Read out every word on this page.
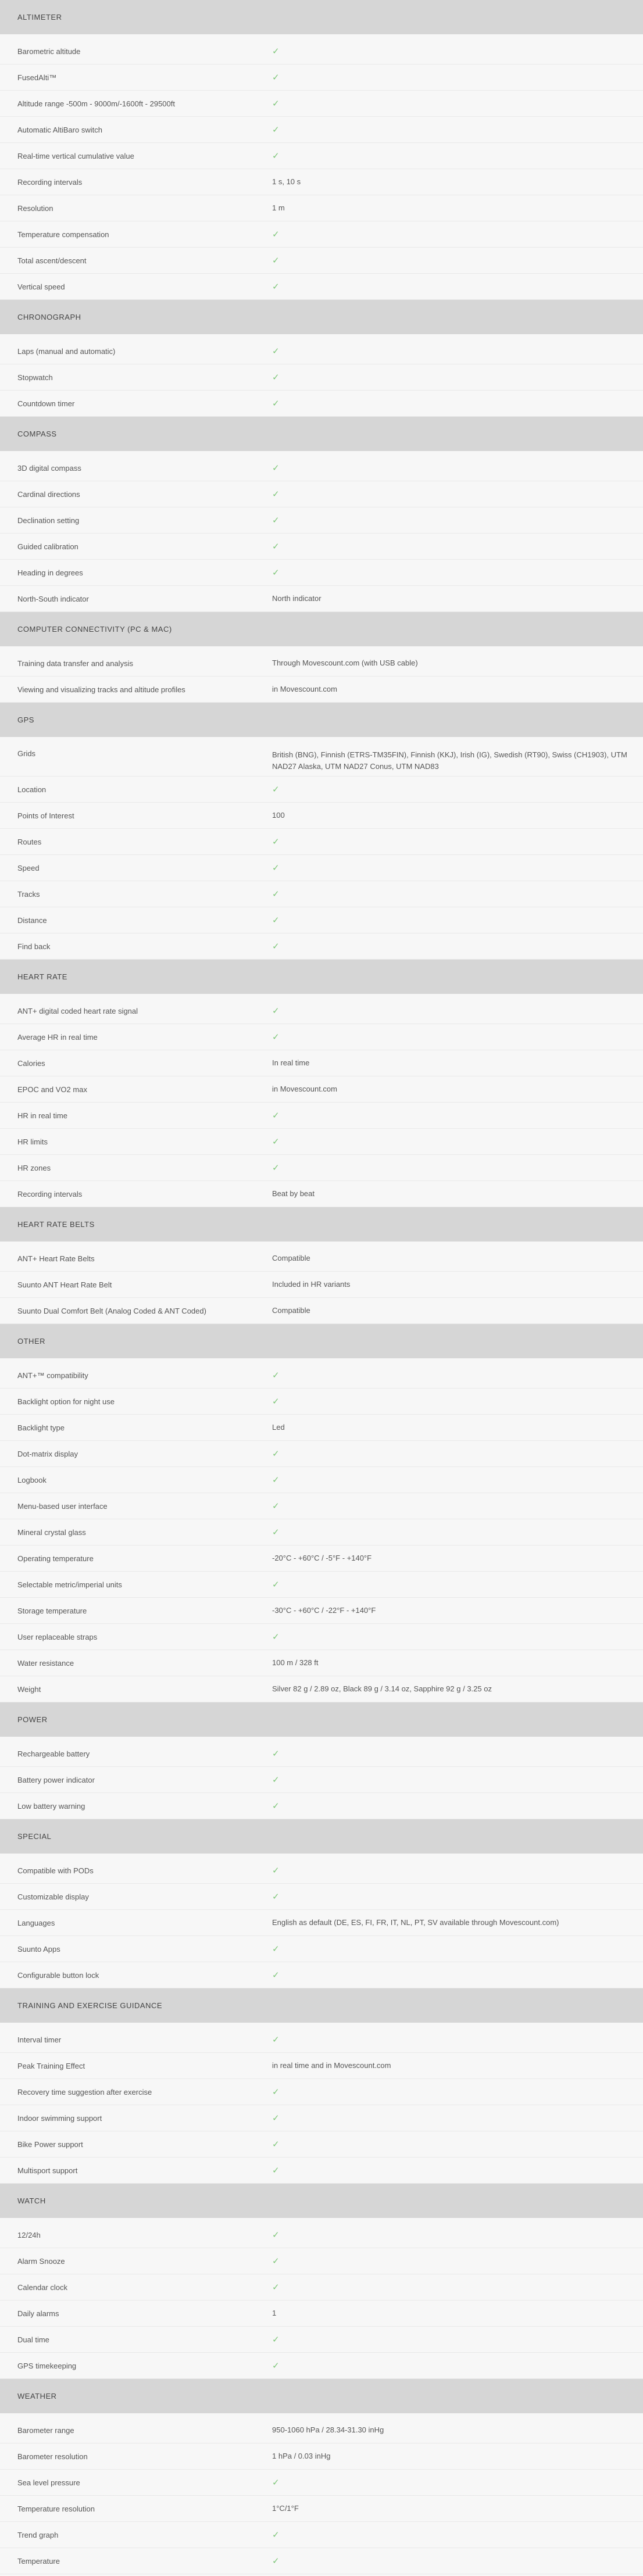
ALTIMETER
Barometric altitude	✓
FusedAlti™	✓
Altitude range -500m - 9000m/-1600ft - 29500ft	✓
Automatic AltiBaro switch	✓
Real-time vertical cumulative value	✓
Recording intervals	1 s, 10 s
Resolution	1 m
Temperature compensation	✓
Total ascent/descent	✓
Vertical speed	✓
CHRONOGRAPH
Laps (manual and automatic)	✓
Stopwatch	✓
Countdown timer	✓
COMPASS
3D digital compass	✓
Cardinal directions	✓
Declination setting	✓
Guided calibration	✓
Heading in degrees	✓
North-South indicator	North indicator
COMPUTER CONNECTIVITY (PC & MAC)
Training data transfer and analysis	Through Movescount.com (with USB cable)
Viewing and visualizing tracks and altitude profiles	in Movescount.com
GPS
Grids	British (BNG), Finnish (ETRS-TM35FIN), Finnish (KKJ), Irish (IG), Swedish (RT90), Swiss (CH1903), UTM NAD27 Alaska, UTM NAD27 Conus, UTM NAD83
Location	✓
Points of Interest	100
Routes	✓
Speed	✓
Tracks	✓
Distance	✓
Find back	✓
HEART RATE
ANT+ digital coded heart rate signal	✓
Average HR in real time	✓
Calories	In real time
EPOC and VO2 max	in Movescount.com
HR in real time	✓
HR limits	✓
HR zones	✓
Recording intervals	Beat by beat
HEART RATE BELTS
ANT+ Heart Rate Belts	Compatible
Suunto ANT Heart Rate Belt	Included in HR variants
Suunto Dual Comfort Belt (Analog Coded & ANT Coded)	Compatible
OTHER
ANT+™ compatibility	✓
Backlight option for night use	✓
Backlight type	Led
Dot-matrix display	✓
Logbook	✓
Menu-based user interface	✓
Mineral crystal glass	✓
Operating temperature	-20°C - +60°C / -5°F - +140°F
Selectable metric/imperial units	✓
Storage temperature	-30°C - +60°C / -22°F - +140°F
User replaceable straps	✓
Water resistance	100 m / 328 ft
Weight	Silver 82 g / 2.89 oz, Black 89 g / 3.14 oz, Sapphire 92 g / 3.25 oz
POWER
Rechargeable battery	✓
Battery power indicator	✓
Low battery warning	✓
SPECIAL
Compatible with PODs	✓
Customizable display	✓
Languages	English as default (DE, ES, FI, FR, IT, NL, PT, SV available through Movescount.com)
Suunto Apps	✓
Configurable button lock	✓
TRAINING AND EXERCISE GUIDANCE
Interval timer	✓
Peak Training Effect	in real time and in Movescount.com
Recovery time suggestion after exercise	✓
Indoor swimming support	✓
Bike Power support	✓
Multisport support	✓
WATCH
12/24h	✓
Alarm Snooze	✓
Calendar clock	✓
Daily alarms	1
Dual time	✓
GPS timekeeping	✓
WEATHER
Barometer range	950-1060 hPa / 28.34-31.30 inHg
Barometer resolution	1 hPa / 0.03 inHg
Sea level pressure	✓
Temperature resolution	1°C/1°F
Trend graph	✓
Temperature	✓
